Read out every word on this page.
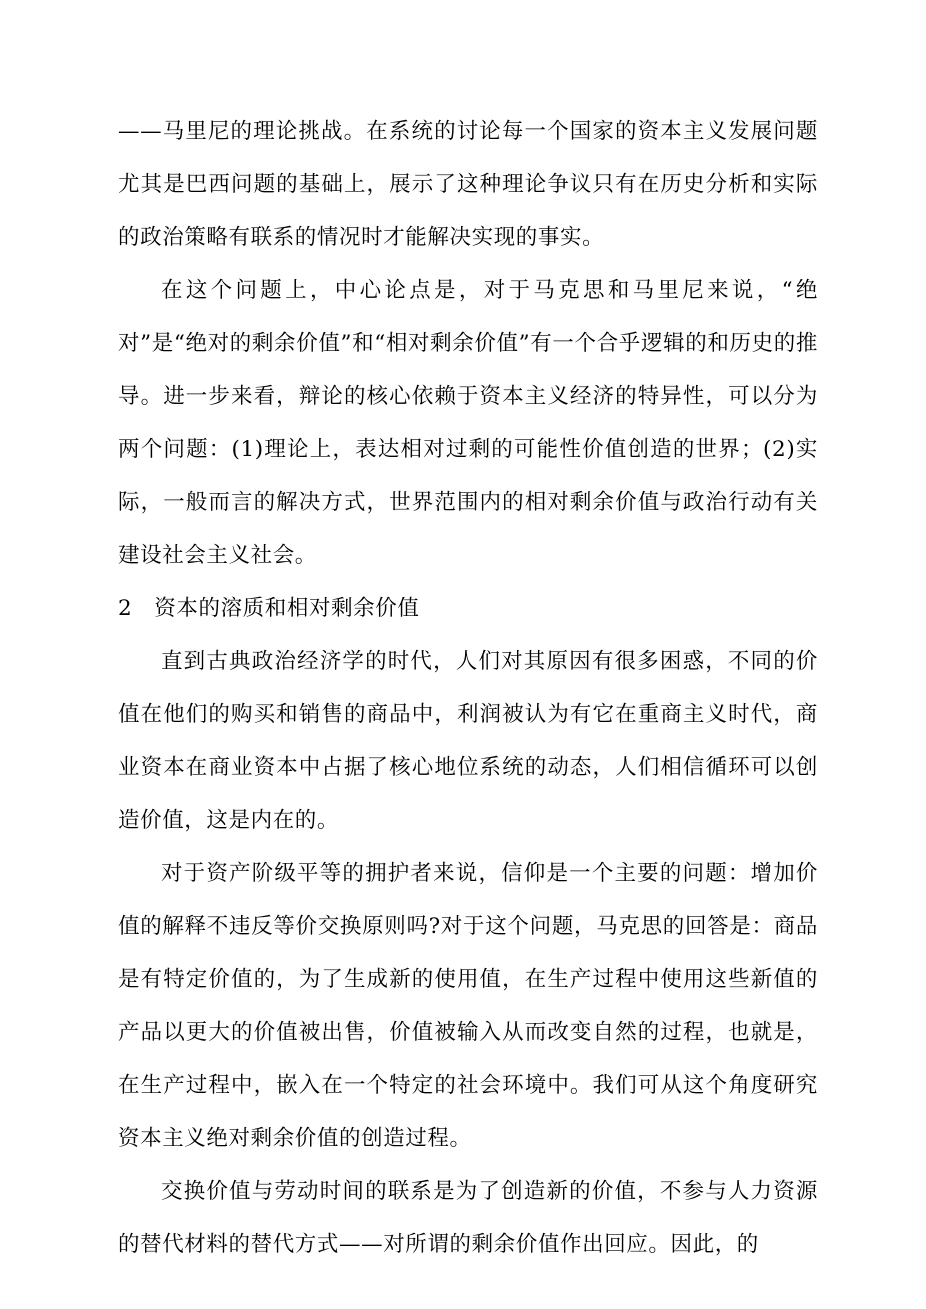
——马里尼的理论挑战。在系统的讨论每一个国家的资本主义发展问题尤其是巴西问题的基础上，展示了这种理论争议只有在历史分析和实际的政治策略有联系的情况时才能解决实现的事实。

在这个问题上，中心论点是，对于马克思和马里尼来说，“绝对”是“绝对的剩余价值”和“相对剩余价值”有一个合乎逻辑的和历史的推导。进一步来看，辩论的核心依赖于资本主义经济的特异性，可以分为两个问题：(1)理论上，表达相对过剩的可能性价值创造的世界；(2)实际，一般而言的解决方式，世界范围内的相对剩余价值与政治行动有关建设社会主义社会。

2 资本的溶质和相对剩余价值

直到古典政治经济学的时代，人们对其原因有很多困惑，不同的价值在他们的购买和销售的商品中，利润被认为有它在重商主义时代，商业资本在商业资本中占据了核心地位系统的动态，人们相信循环可以创造价值，这是内在的。

对于资产阶级平等的拥护者来说，信仰是一个主要的问题：增加价值的解释不违反等价交换原则吗?对于这个问题，马克思的回答是：商品是有特定价值的，为了生成新的使用值，在生产过程中使用这些新值的产品以更大的价值被出售，价值被输入从而改变自然的过程，也就是，在生产过程中，嵌入在一个特定的社会环境中。我们可从这个角度研究资本主义绝对剩余价值的创造过程。

交换价值与劳动时间的联系是为了创造新的价值，不参与人力资源的替代材料的替代方式——对所谓的剩余价值作出回应。因此，的
